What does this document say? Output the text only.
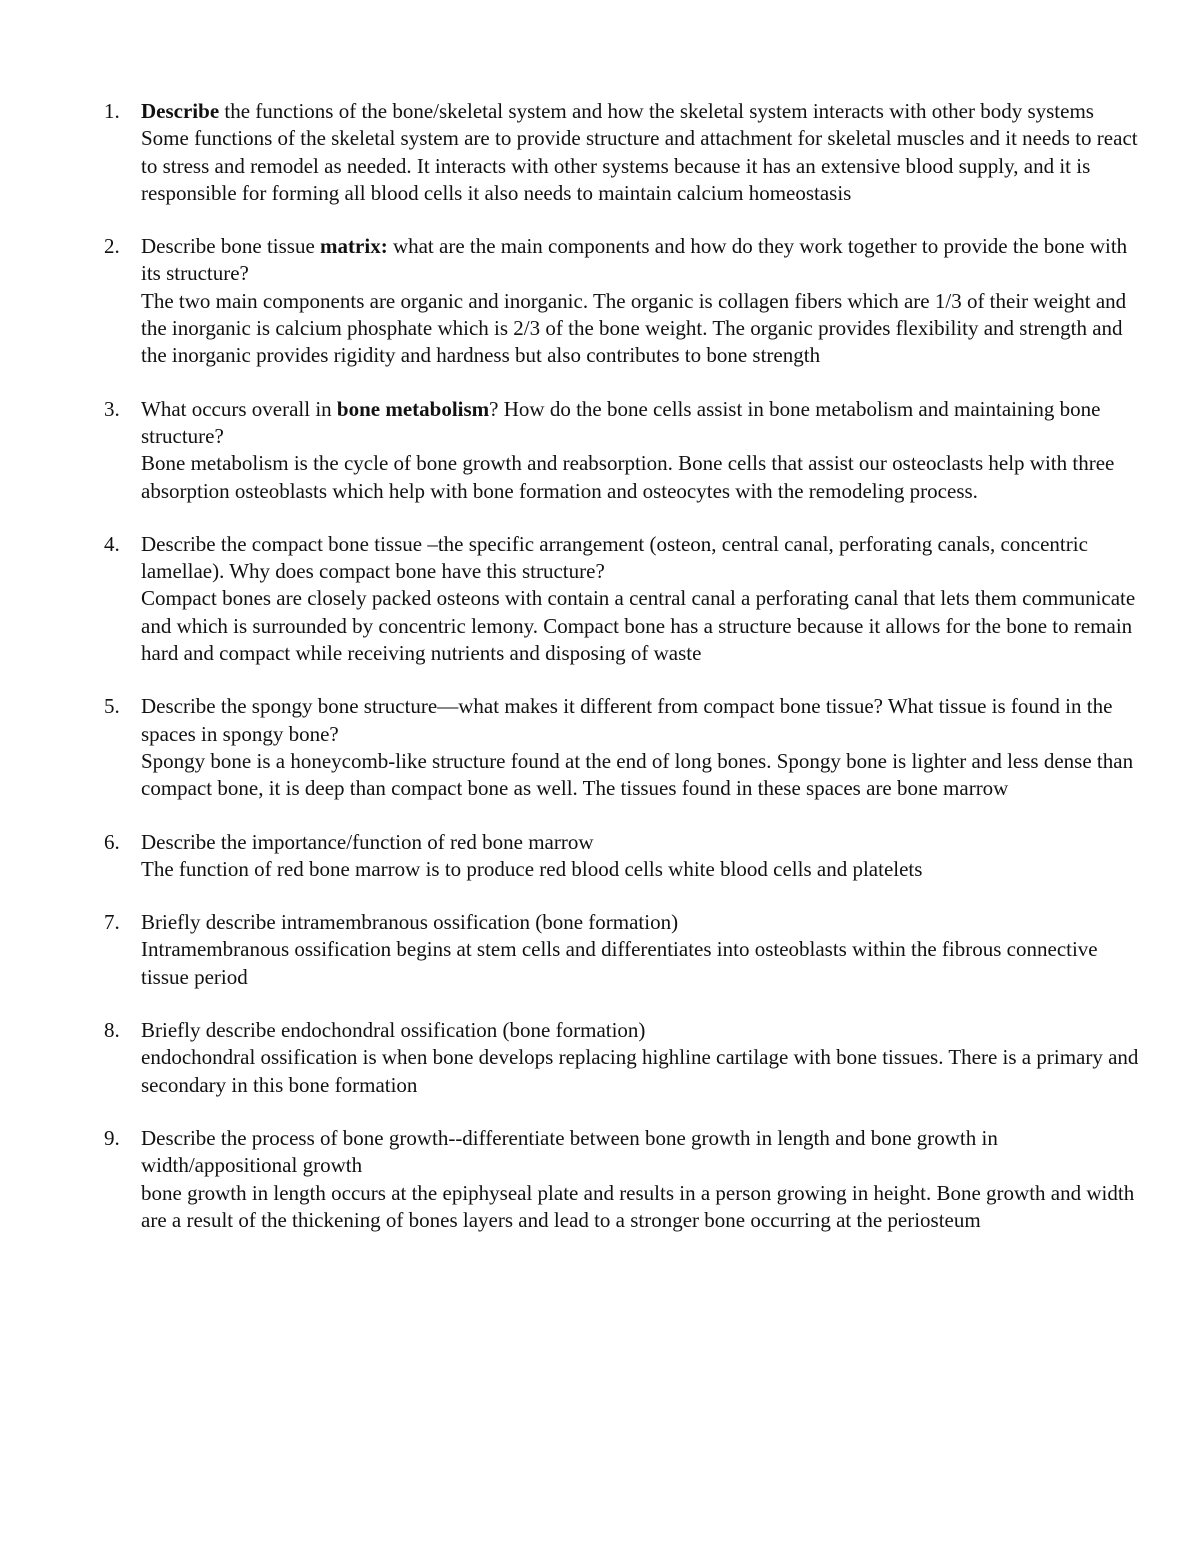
1. Describe the functions of the bone/skeletal system and how the skeletal system interacts with other body systems
Some functions of the skeletal system are to provide structure and attachment for skeletal muscles and it needs to react to stress and remodel as needed. It interacts with other systems because it has an extensive blood supply, and it is responsible for forming all blood cells it also needs to maintain calcium homeostasis
2. Describe bone tissue matrix: what are the main components and how do they work together to provide the bone with its structure?
The two main components are organic and inorganic. The organic is collagen fibers which are 1/3 of their weight and the inorganic is calcium phosphate which is 2/3 of the bone weight. The organic provides flexibility and strength and the inorganic provides rigidity and hardness but also contributes to bone strength
3. What occurs overall in bone metabolism? How do the bone cells assist in bone metabolism and maintaining bone structure?
Bone metabolism is the cycle of bone growth and reabsorption. Bone cells that assist our osteoclasts help with three absorption osteoblasts which help with bone formation and osteocytes with the remodeling process.
4. Describe the compact bone tissue –the specific arrangement (osteon, central canal, perforating canals, concentric lamellae). Why does compact bone have this structure?
Compact bones are closely packed osteons with contain a central canal a perforating canal that lets them communicate and which is surrounded by concentric lemony. Compact bone has a structure because it allows for the bone to remain hard and compact while receiving nutrients and disposing of waste
5. Describe the spongy bone structure—what makes it different from compact bone tissue? What tissue is found in the spaces in spongy bone?
Spongy bone is a honeycomb-like structure found at the end of long bones. Spongy bone is lighter and less dense than compact bone, it is deep than compact bone as well. The tissues found in these spaces are bone marrow
6. Describe the importance/function of red bone marrow
The function of red bone marrow is to produce red blood cells white blood cells and platelets
7. Briefly describe intramembranous ossification (bone formation)
Intramembranous ossification begins at stem cells and differentiates into osteoblasts within the fibrous connective tissue period
8. Briefly describe endochondral ossification (bone formation)
endochondral ossification is when bone develops replacing highline cartilage with bone tissues. There is a primary and secondary in this bone formation
9. Describe the process of bone growth--differentiate between bone growth in length and bone growth in width/appositional growth
bone growth in length occurs at the epiphyseal plate and results in a person growing in height. Bone growth and width are a result of the thickening of bones layers and lead to a stronger bone occurring at the periosteum
